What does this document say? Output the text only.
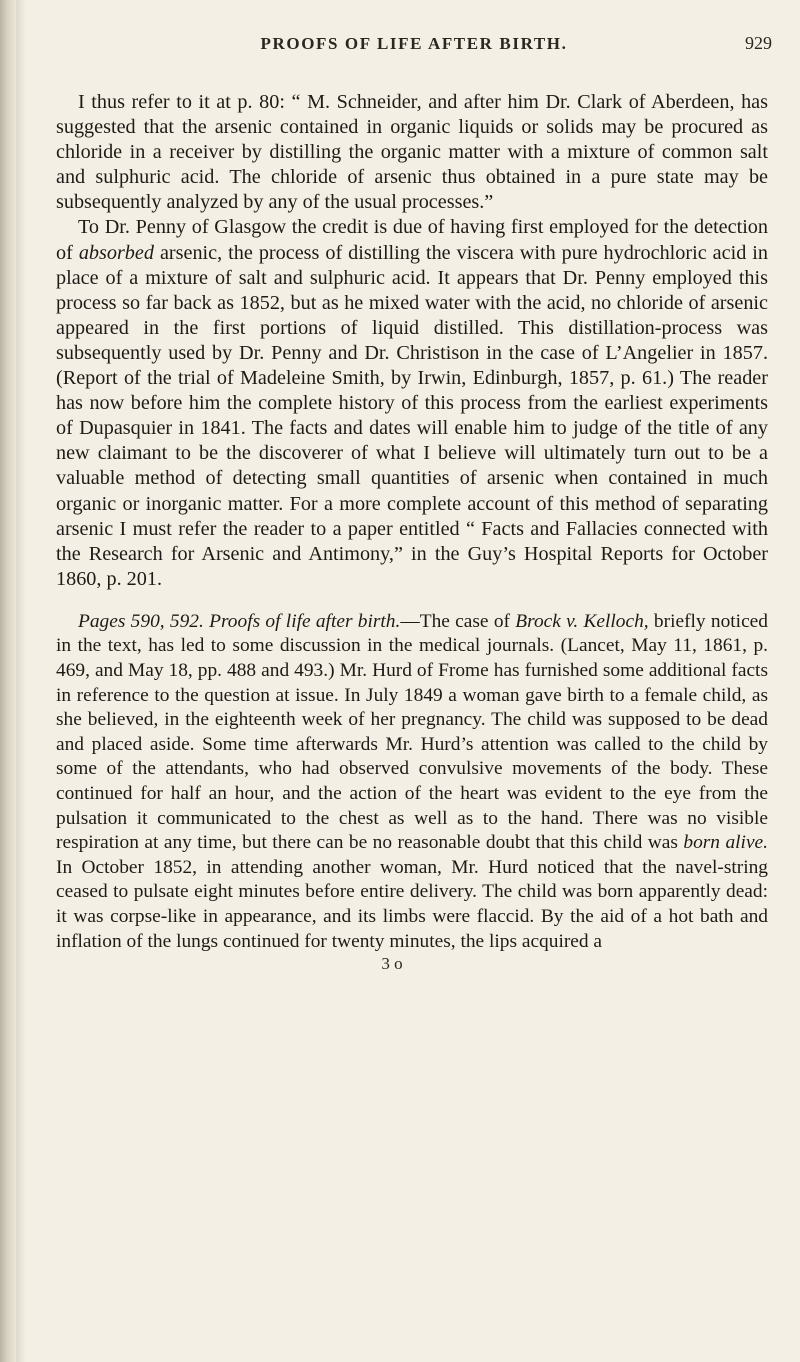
PROOFS OF LIFE AFTER BIRTH.	929
I thus refer to it at p. 80: “ M. Schneider, and after him Dr. Clark of Aberdeen, has suggested that the arsenic contained in organic liquids or solids may be procured as chloride in a receiver by distilling the organic matter with a mixture of common salt and sulphuric acid. The chloride of arsenic thus obtained in a pure state may be subsequently analyzed by any of the usual processes.”
To Dr. Penny of Glasgow the credit is due of having first employed for the detection of absorbed arsenic, the process of distilling the viscera with pure hydrochloric acid in place of a mixture of salt and sulphuric acid. It appears that Dr. Penny employed this process so far back as 1852, but as he mixed water with the acid, no chloride of arsenic appeared in the first portions of liquid distilled. This distillation-process was subsequently used by Dr. Penny and Dr. Christison in the case of L’Angelier in 1857. (Report of the trial of Madeleine Smith, by Irwin, Edinburgh, 1857, p. 61.) The reader has now before him the complete history of this process from the earliest experiments of Dupasquier in 1841. The facts and dates will enable him to judge of the title of any new claimant to be the discoverer of what I believe will ultimately turn out to be a valuable method of detecting small quantities of arsenic when contained in much organic or inorganic matter. For a more complete account of this method of separating arsenic I must refer the reader to a paper entitled “ Facts and Fallacies connected with the Research for Arsenic and Antimony,” in the Guy’s Hospital Reports for October 1860, p. 201.
Pages 590, 592. Proofs of life after birth.—The case of Brock v. Kelloch, briefly noticed in the text, has led to some discussion in the medical journals. (Lancet, May 11, 1861, p. 469, and May 18, pp. 488 and 493.) Mr. Hurd of Frome has furnished some additional facts in reference to the question at issue. In July 1849 a woman gave birth to a female child, as she believed, in the eighteenth week of her pregnancy. The child was supposed to be dead and placed aside. Some time afterwards Mr. Hurd’s attention was called to the child by some of the attendants, who had observed convulsive movements of the body. These continued for half an hour, and the action of the heart was evident to the eye from the pulsation it communicated to the chest as well as to the hand. There was no visible respiration at any time, but there can be no reasonable doubt that this child was born alive. In October 1852, in attending another woman, Mr. Hurd noticed that the navel-string ceased to pulsate eight minutes before entire delivery. The child was born apparently dead: it was corpse-like in appearance, and its limbs were flaccid. By the aid of a hot bath and inflation of the lungs continued for twenty minutes, the lips acquired a
3 o
